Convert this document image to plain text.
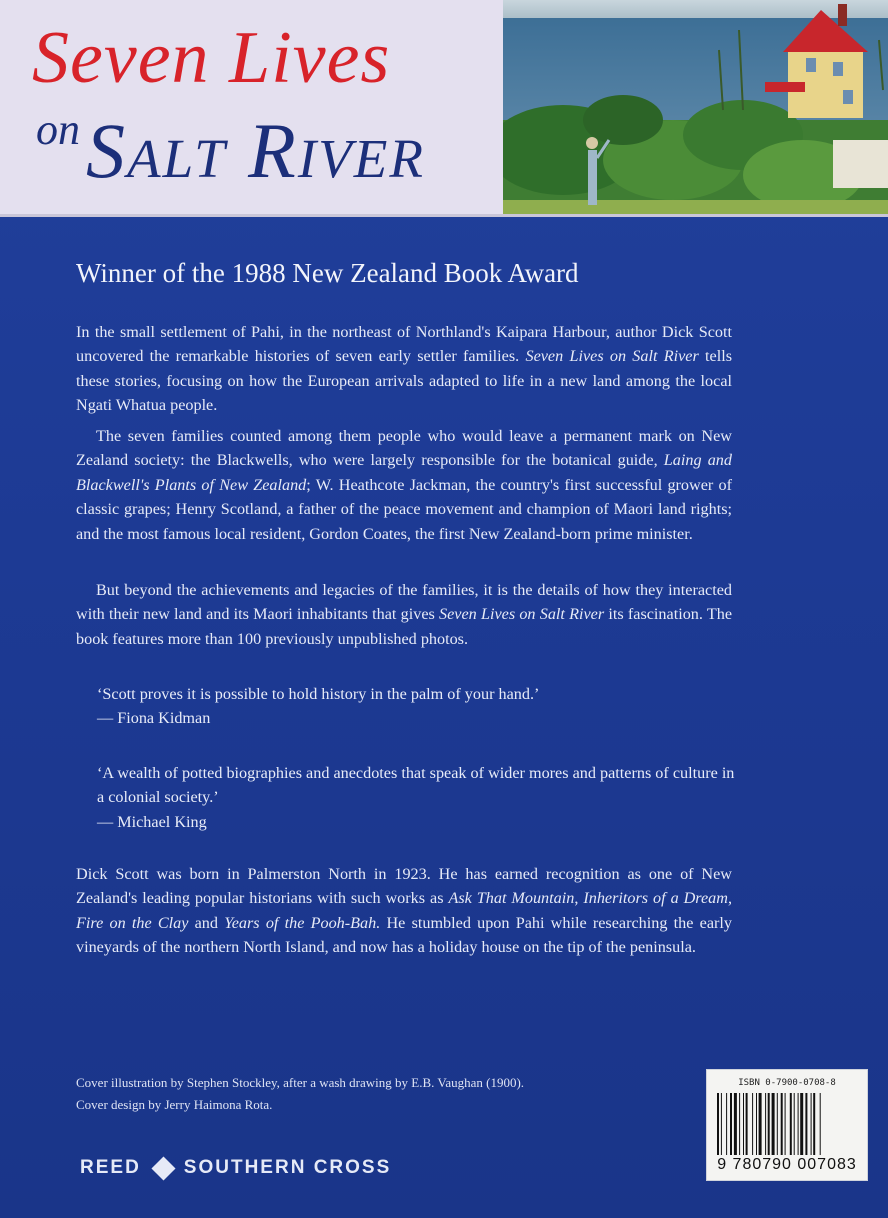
Seven Lives
on Salt River
Winner of the 1988 New Zealand Book Award
In the small settlement of Pahi, in the northeast of Northland's Kaipara Harbour, author Dick Scott uncovered the remarkable histories of seven early settler families. Seven Lives on Salt River tells these stories, focusing on how the European arrivals adapted to life in a new land among the local Ngati Whatua people.
The seven families counted among them people who would leave a permanent mark on New Zealand society: the Blackwells, who were largely responsible for the botanical guide, Laing and Blackwell's Plants of New Zealand; W. Heathcote Jackman, the country's first successful grower of classic grapes; Henry Scotland, a father of the peace movement and champion of Maori land rights; and the most famous local resident, Gordon Coates, the first New Zealand-born prime minister.
But beyond the achievements and legacies of the families, it is the details of how they interacted with their new land and its Maori inhabitants that gives Seven Lives on Salt River its fascination. The book features more than 100 previously unpublished photos.
‘Scott proves it is possible to hold history in the palm of your hand.’
— Fiona Kidman
‘A wealth of potted biographies and anecdotes that speak of wider mores and patterns of culture in a colonial society.’
— Michael King
Dick Scott was born in Palmerston North in 1923. He has earned recognition as one of New Zealand's leading popular historians with such works as Ask That Mountain, Inheritors of a Dream, Fire on the Clay and Years of the Pooh-Bah. He stumbled upon Pahi while researching the early vineyards of the northern North Island, and now has a holiday house on the tip of the peninsula.
Cover illustration by Stephen Stockley, after a wash drawing by E.B. Vaughan (1900).
Cover design by Jerry Haimona Rota.
REED SOUTHERN CROSS
ISBN 0-7900-0708-8
9 780790 007083
